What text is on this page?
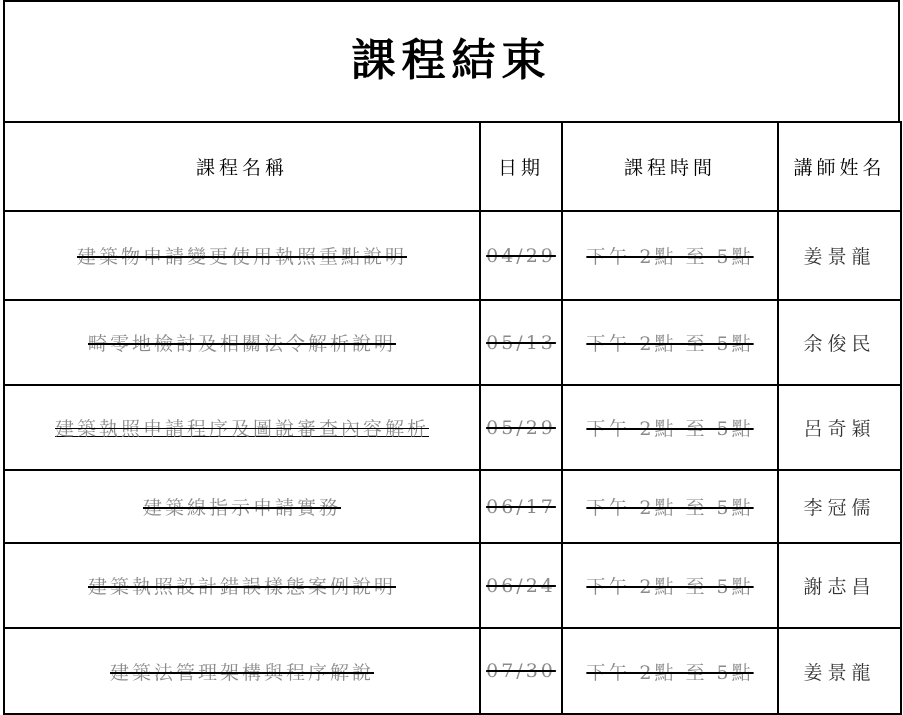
課程結束
課程名稱	日期	課程時間	講師姓名
建築物申請變更使用執照重點說明	04/29	下午 2點 至 5點	姜景龍
畸零地檢討及相關法令解析說明	05/13	下午 2點 至 5點	余俊民
建築執照申請程序及圖說審查內容解析	05/29	下午 2點 至 5點	呂奇穎
建築線指示申請實務	06/17	下午 2點 至 5點	李冠儒
建築執照設計錯誤樣態案例說明	06/24	下午 2點 至 5點	謝志昌
建築法管理架構與程序解說	07/30	下午 2點 至 5點	姜景龍
